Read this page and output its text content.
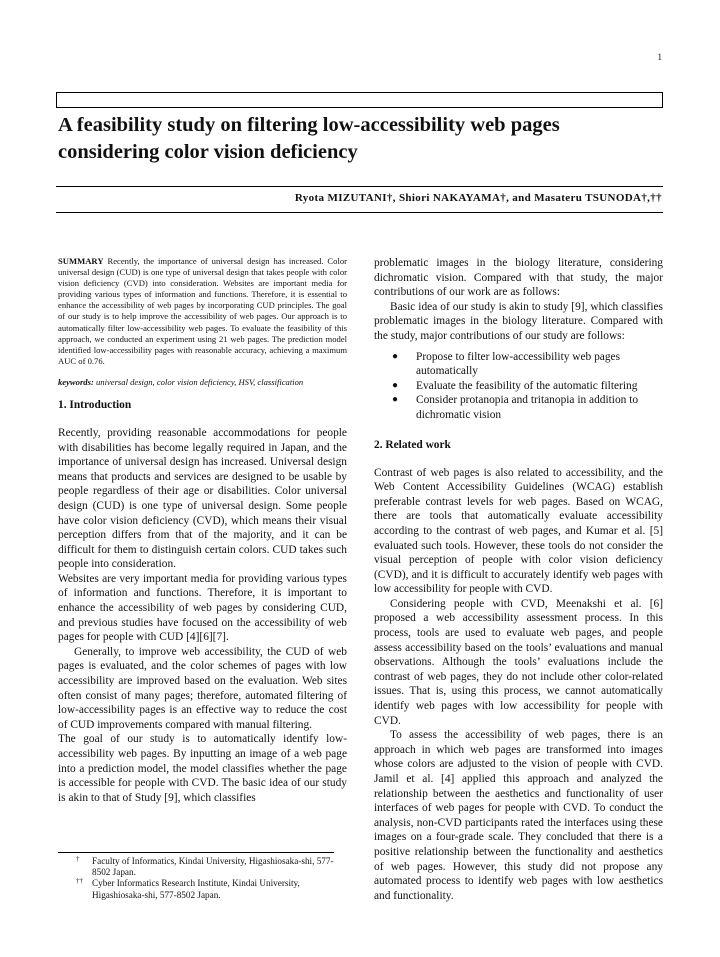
1
A feasibility study on filtering low-accessibility web pages considering color vision deficiency
Ryota MIZUTANI†, Shiori NAKAYAMA†, and Masateru TSUNODA†,††

SUMMARY Recently, the importance of universal design has increased. Color universal design (CUD) is one type of universal design that takes people with color vision deficiency (CVD) into consideration. Websites are important media for providing various types of information and functions. Therefore, it is essential to enhance the accessibility of web pages by incorporating CUD principles. The goal of our study is to help improve the accessibility of web pages. Our approach is to automatically filter low-accessibility web pages. To evaluate the feasibility of this approach, we conducted an experiment using 21 web pages. The prediction model identified low-accessibility pages with reasonable accuracy, achieving a maximum AUC of 0.76.

keywords: universal design, color vision deficiency, HSV, classification

1. Introduction

Recently, providing reasonable accommodations for people with disabilities has become legally required in Japan, and the importance of universal design has increased. Universal design means that products and services are designed to be usable by people regardless of their age or disabilities. Color universal design (CUD) is one type of universal design. Some people have color vision deficiency (CVD), which means their visual perception differs from that of the majority, and it can be difficult for them to distinguish certain colors. CUD takes such people into consideration.

Websites are very important media for providing various types of information and functions. Therefore, it is important to enhance the accessibility of web pages by considering CUD, and previous studies have focused on the accessibility of web pages for people with CUD [4][6][7].

Generally, to improve web accessibility, the CUD of web pages is evaluated, and the color schemes of pages with low accessibility are improved based on the evaluation. Web sites often consist of many pages; therefore, automated filtering of low-accessibility pages is an effective way to reduce the cost of CUD improvements compared with manual filtering.

The goal of our study is to automatically identify low-accessibility web pages. By inputting an image of a web page into a prediction model, the model classifies whether the page is accessible for people with CVD. The basic idea of our study is akin to that of Study [9], which classifies

problematic images in the biology literature, considering dichromatic vision. Compared with that study, the major contributions of our work are as follows:

Basic idea of our study is akin to study [9], which classifies problematic images in the biology literature. Compared with the study, major contributions of our study are follows:

● Propose to filter low-accessibility web pages automatically
● Evaluate the feasibility of the automatic filtering
● Consider protanopia and tritanopia in addition to dichromatic vision
2. Related work

Contrast of web pages is also related to accessibility, and the Web Content Accessibility Guidelines (WCAG) establish preferable contrast levels for web pages. Based on WCAG, there are tools that automatically evaluate accessibility according to the contrast of web pages, and Kumar et al. [5] evaluated such tools. However, these tools do not consider the visual perception of people with color vision deficiency (CVD), and it is difficult to accurately identify web pages with low accessibility for people with CVD.

Considering people with CVD, Meenakshi et al. [6] proposed a web accessibility assessment process. In this process, tools are used to evaluate web pages, and people assess accessibility based on the tools’ evaluations and manual observations. Although the tools’ evaluations include the contrast of web pages, they do not include other color-related issues. That is, using this process, we cannot automatically identify web pages with low accessibility for people with CVD.

To assess the accessibility of web pages, there is an approach in which web pages are transformed into images whose colors are adjusted to the vision of people with CVD. Jamil et al. [4] applied this approach and analyzed the relationship between the aesthetics and functionality of user interfaces of web pages for people with CVD. To conduct the analysis, non-CVD participants rated the interfaces using these images on a four-grade scale. They concluded that there is a positive relationship between the functionality and aesthetics of web pages. However, this study did not propose any automated process to identify web pages with low aesthetics and functionality.

† Faculty of Informatics, Kindai University, Higashiosaka-shi, 577-8502 Japan.
†† Cyber Informatics Research Institute, Kindai University, Higashiosaka-shi, 577-8502 Japan.
